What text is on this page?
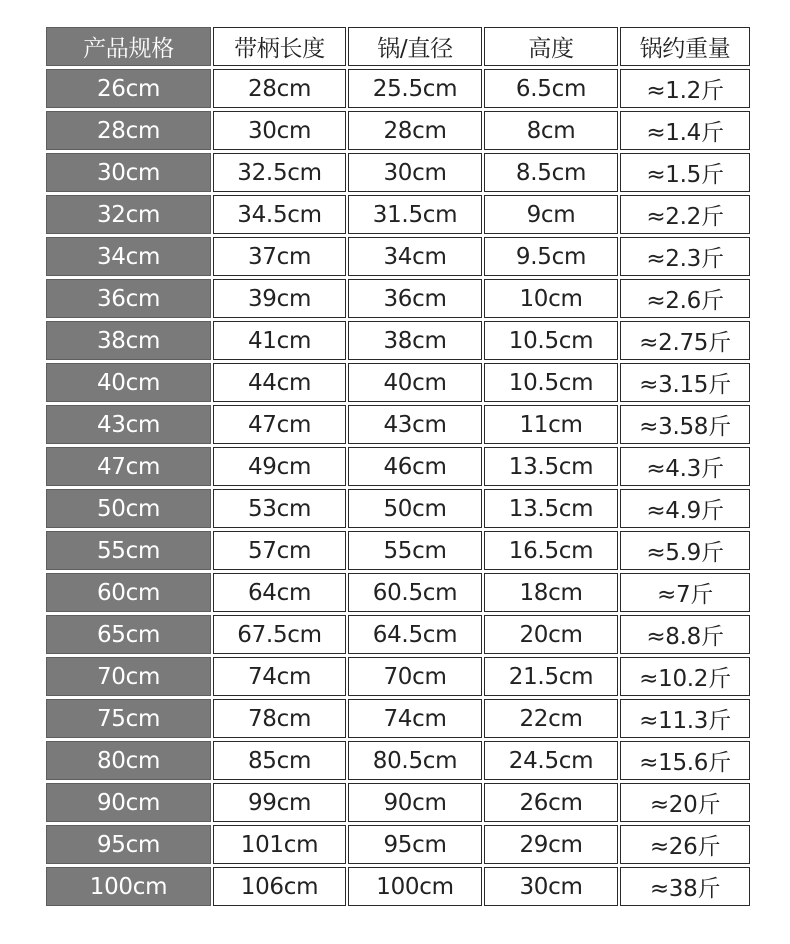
产品规格	带柄长度	锅/直径	高度	锅约重量
26cm	28cm	25.5cm	6.5cm	≈1.2斤
28cm	30cm	28cm	8cm	≈1.4斤
30cm	32.5cm	30cm	8.5cm	≈1.5斤
32cm	34.5cm	31.5cm	9cm	≈2.2斤
34cm	37cm	34cm	9.5cm	≈2.3斤
36cm	39cm	36cm	10cm	≈2.6斤
38cm	41cm	38cm	10.5cm	≈2.75斤
40cm	44cm	40cm	10.5cm	≈3.15斤
43cm	47cm	43cm	11cm	≈3.58斤
47cm	49cm	46cm	13.5cm	≈4.3斤
50cm	53cm	50cm	13.5cm	≈4.9斤
55cm	57cm	55cm	16.5cm	≈5.9斤
60cm	64cm	60.5cm	18cm	≈7斤
65cm	67.5cm	64.5cm	20cm	≈8.8斤
70cm	74cm	70cm	21.5cm	≈10.2斤
75cm	78cm	74cm	22cm	≈11.3斤
80cm	85cm	80.5cm	24.5cm	≈15.6斤
90cm	99cm	90cm	26cm	≈20斤
95cm	101cm	95cm	29cm	≈26斤
100cm	106cm	100cm	30cm	≈38斤
